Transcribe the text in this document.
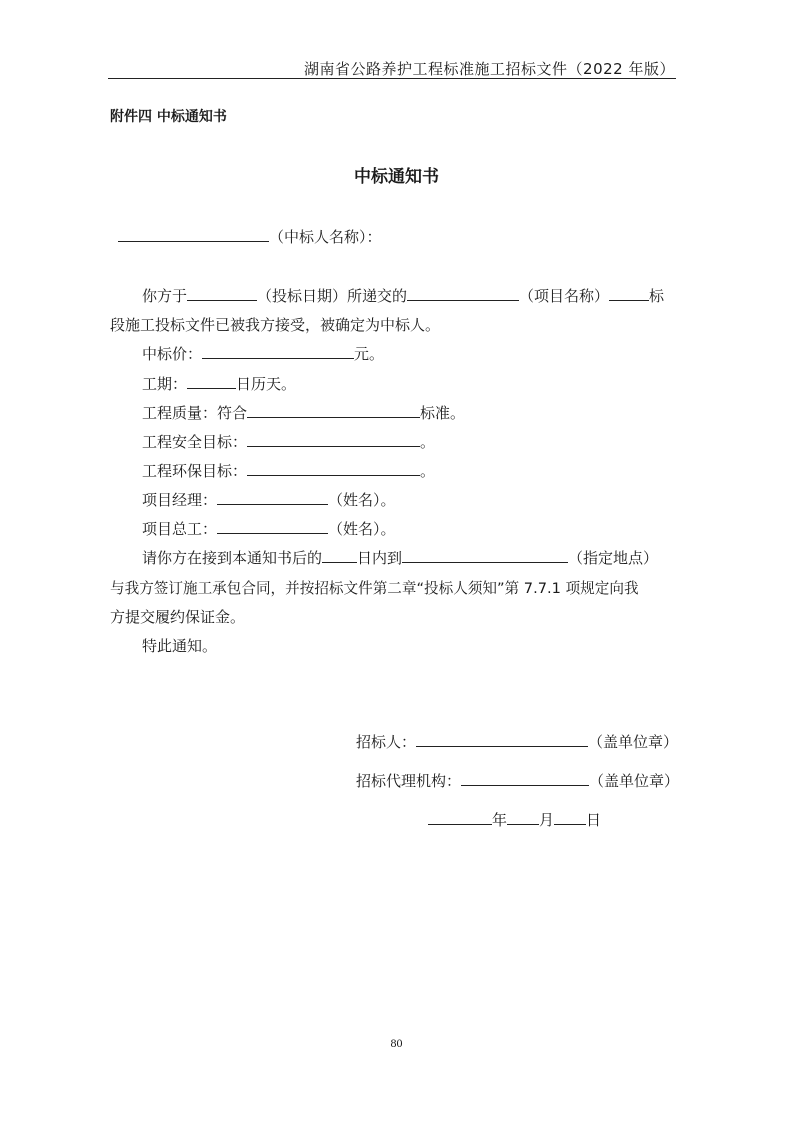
湖南省公路养护工程标准施工招标文件（2022 年版）
附件四 中标通知书
中标通知书
（中标人名称）：
你方于	（投标日期）所递交的	（项目名称）	标
段施工投标文件已被我方接受，被确定为中标人。
中标价：	元。
工期：	日历天。
工程质量：符合	标准。
工程安全目标：	。
工程环保目标：	。
项目经理：	（姓名）。
项目总工：	（姓名）。
请你方在接到本通知书后的 日内到	（指定地点）
与我方签订施工承包合同，并按招标文件第二章“投标人须知”第 7.7.1 项规定向我
方提交履约保证金。
特此通知。
招标人：	（盖单位章）
招标代理机构：	（盖单位章）
年 月 日
80
